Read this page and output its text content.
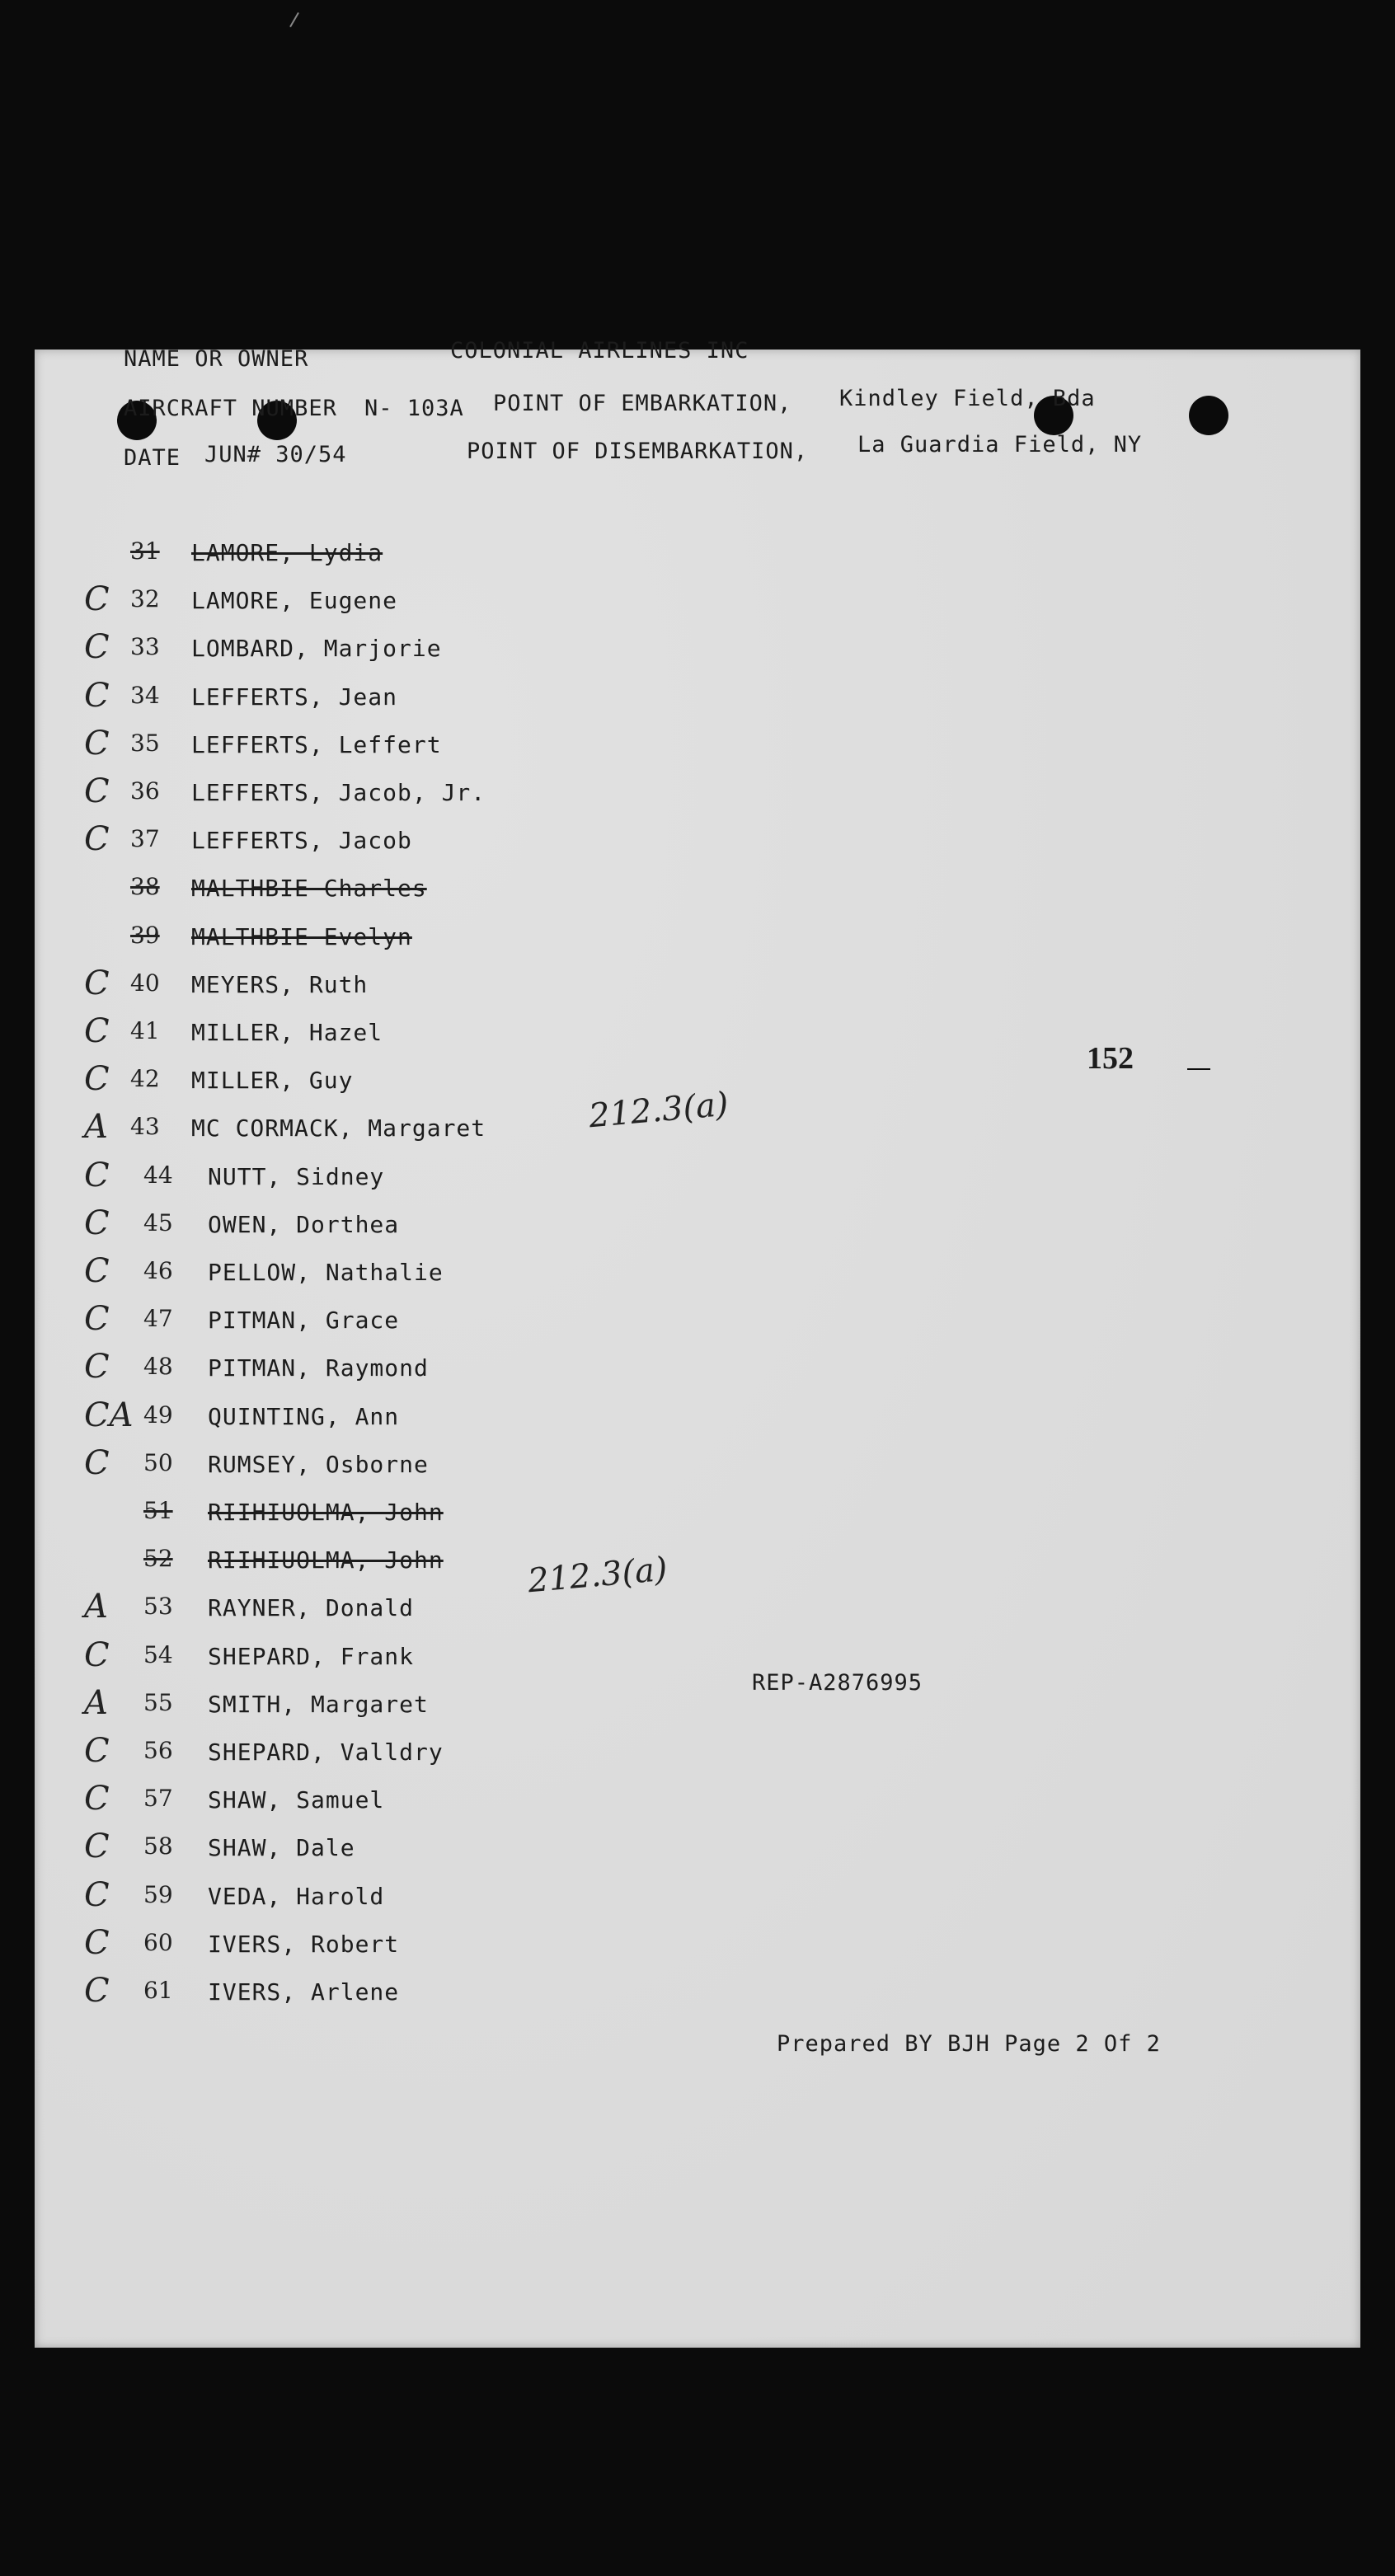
NAME OR OWNER	COLONIAL AIRLINES INC
AIRCRAFT NUMBER N- 103A POINT OF EMBARKATION, Kindley Field, Bda
DATE JUN# 30/54	POINT OF DISEMBARKATION, La Guardia Field, NY
31 LAMORE, Lydia
C 32 LAMORE, Eugene
C 33 LOMBARD, Marjorie
C 34 LEFFERTS, Jean
C 35 LEFFERTS, Leffert
C 36 LEFFERTS, Jacob, Jr.
C 37 LEFFERTS, Jacob
38 MALTHBIE Charles
39 MALTHBIE Evelyn
C 40 MEYERS, Ruth
C 41 MILLER, Hazel
C 42 MILLER, Guy
A 43 MC CORMACK, Margaret
C 44 NUTT, Sidney
C 45 OWEN, Dorthea
C 46 PELLOW, Nathalie
C 47 PITMAN, Grace
C 48 PITMAN, Raymond
CA 49 QUINTING, Ann
C 50 RUMSEY, Osborne
51 RIIHIUOLMA, John
52 RIIHIUOLMA, John
A 53 RAYNER, Donald
C 54 SHEPARD, Frank
A 55 SMITH, Margaret
C 56 SHEPARD, Valldry
C 57 SHAW, Samuel
C 58 SHAW, Dale
C 59 VEDA, Harold
C 60 IVERS, Robert
C 61 IVERS, Arlene
212.3(a)
212.3(a)
152
REP-A2876995
Prepared BY BJH Page 2 Of 2
